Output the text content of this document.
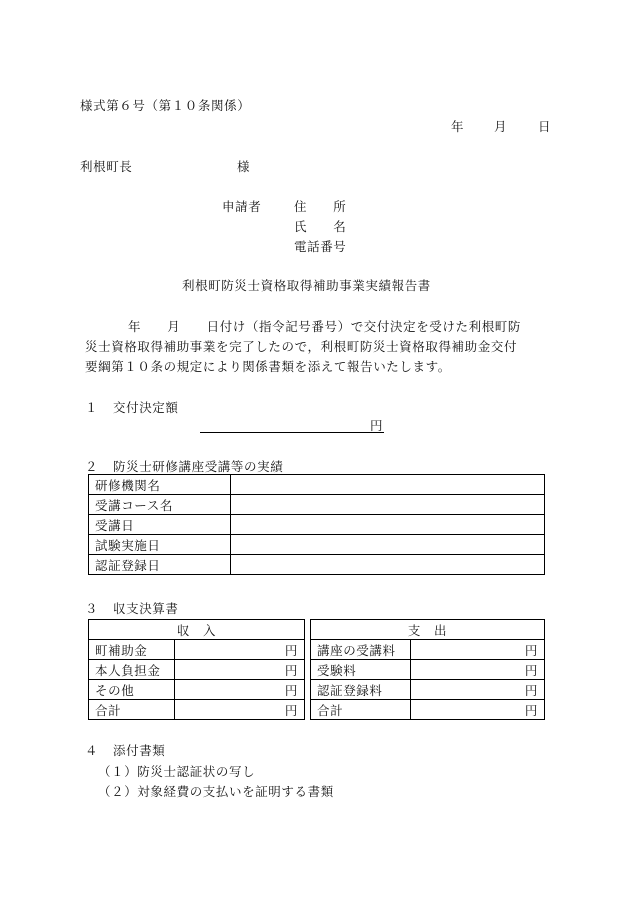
様式第６号（第１０条関係）
年 月 日
利根町長	様
申請者	住　　所
氏　　名
電話番号
利根町防災士資格取得補助事業実績報告書
年　　月　　日付け（指令記号番号）で交付決定を受けた利根町防
災士資格取得補助事業を完了したので，利根町防災士資格取得補助金交付
要綱第１０条の規定により関係書類を添えて報告いたします。
１ 交付決定額
円
２ 防災士研修講座受講等の実績
研修機関名	
受講コース名	
受講日	
試験実施日	
認証登録日	
３ 収支決算書
収　入	
町補助金	円
本人負担金	円
その他	円
合計	円
支　出	
講座の受講料	円
受験料	円
認証登録料	円
合計	円
４ 添付書類
（１）防災士認証状の写し
（２）対象経費の支払いを証明する書類
